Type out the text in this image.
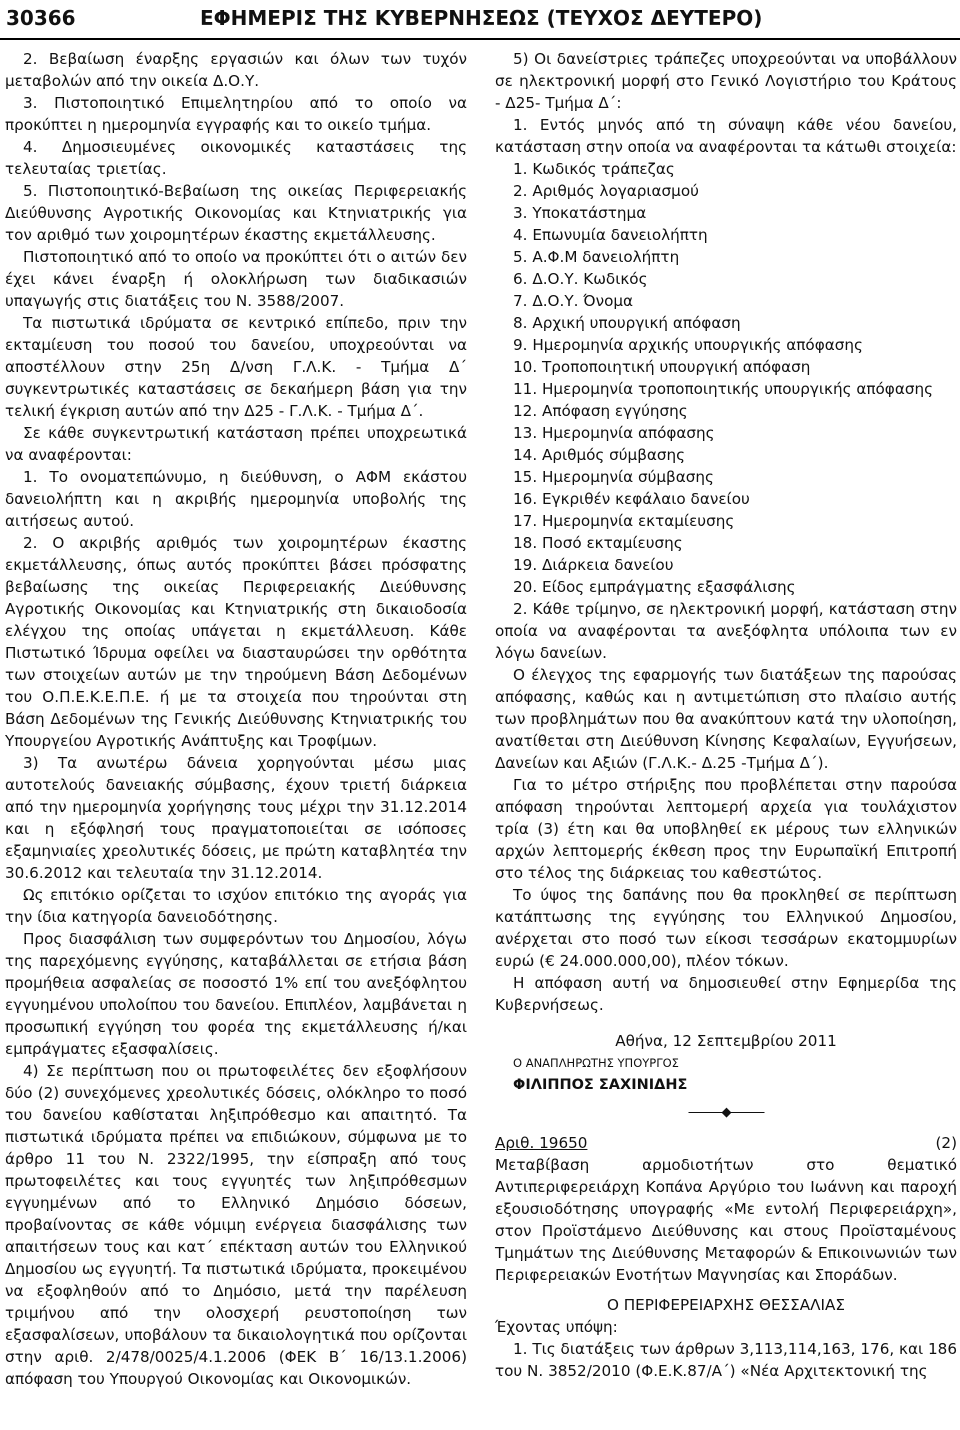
30366	ΕΦΗΜΕΡΙΣ ΤΗΣ ΚΥΒΕΡΝΗΣΕΩΣ (ΤΕΥΧΟΣ ΔΕΥΤΕΡΟ)

2. Βεβαίωση έναρξης εργασιών και όλων των τυχόν μεταβολών από την οικεία Δ.Ο.Υ.

3. Πιστοποιητικό Επιμελητηρίου από το οποίο να προκύπτει η ημερομηνία εγγραφής και το οικείο τμήμα.

4. Δημοσιευμένες οικονομικές καταστάσεις της τελευταίας τριετίας.

5. Πιστοποιητικό-Βεβαίωση της οικείας Περιφερειακής Διεύθυνσης Αγροτικής Οικονομίας και Κτηνιατρικής για τον αριθμό των χοιρομητέρων έκαστης εκμετάλλευσης.

Πιστοποιητικό από το οποίο να προκύπτει ότι ο αιτών δεν έχει κάνει έναρξη ή ολοκλήρωση των διαδικασιών υπαγωγής στις διατάξεις του Ν. 3588/2007.

Τα πιστωτικά ιδρύματα σε κεντρικό επίπεδο, πριν την εκταμίευση του ποσού του δανείου, υποχρεούνται να αποστέλλουν στην 25η Δ/νση Γ.Λ.Κ. - Τμήμα Δ΄ συγκεντρωτικές καταστάσεις σε δεκαήμερη βάση για την τελική έγκριση αυτών από την Δ25 - Γ.Λ.Κ. - Τμήμα Δ΄.

Σε κάθε συγκεντρωτική κατάσταση πρέπει υποχρεωτικά να αναφέρονται:

1. Το ονοματεπώνυμο, η διεύθυνση, ο ΑΦΜ εκάστου δανειολήπτη και η ακριβής ημερομηνία υποβολής της αιτήσεως αυτού.

2. Ο ακριβής αριθμός των χοιρομητέρων έκαστης εκμετάλλευσης, όπως αυτός προκύπτει βάσει πρόσφατης βεβαίωσης της οικείας Περιφερειακής Διεύθυνσης Αγροτικής Οικονομίας και Κτηνιατρικής στη δικαιοδοσία ελέγχου της οποίας υπάγεται η εκμετάλλευση. Κάθε Πιστωτικό Ίδρυμα οφείλει να διασταυρώσει την ορθότητα των στοιχείων αυτών με την τηρούμενη Βάση Δεδομένων του Ο.Π.Ε.Κ.Ε.Π.Ε. ή με τα στοιχεία που τηρούνται στη Βάση Δεδομένων της Γενικής Διεύθυνσης Κτηνιατρικής του Υπουργείου Αγροτικής Ανάπτυξης και Τροφίμων.

3) Τα ανωτέρω δάνεια χορηγούνται μέσω μιας αυτοτελούς δανειακής σύμβασης, έχουν τριετή διάρκεια από την ημερομηνία χορήγησης τους μέχρι την 31.12.2014 και η εξόφλησή τους πραγματοποιείται σε ισόποσες εξαμηνιαίες χρεολυτικές δόσεις, με πρώτη καταβλητέα την 30.6.2012 και τελευταία την 31.12.2014.

Ως επιτόκιο ορίζεται το ισχύον επιτόκιο της αγοράς για την ίδια κατηγορία δανειοδότησης.

Προς διασφάλιση των συμφερόντων του Δημοσίου, λόγω της παρεχόμενης εγγύησης, καταβάλλεται σε ετήσια βάση προμήθεια ασφαλείας σε ποσοστό 1% επί του ανεξόφλητου εγγυημένου υπολοίπου του δανείου. Επιπλέον, λαμβάνεται η προσωπική εγγύηση του φορέα της εκμετάλλευσης ή/και εμπράγματες εξασφαλίσεις.

4) Σε περίπτωση που οι πρωτοφειλέτες δεν εξοφλήσουν δύο (2) συνεχόμενες χρεολυτικές δόσεις, ολόκληρο το ποσό του δανείου καθίσταται ληξιπρόθεσμο και απαιτητό. Τα πιστωτικά ιδρύματα πρέπει να επιδιώκουν, σύμφωνα με το άρθρο 11 του Ν. 2322/1995, την είσπραξη από τους πρωτοφειλέτες και τους εγγυητές των ληξιπρόθεσμων εγγυημένων από το Ελληνικό Δημόσιο δόσεων, προβαίνοντας σε κάθε νόμιμη ενέργεια διασφάλισης των απαιτήσεων τους και κατ΄ επέκταση αυτών του Ελληνικού Δημοσίου ως εγγυητή. Τα πιστωτικά ιδρύματα, προκειμένου να εξοφληθούν από το Δημόσιο, μετά την παρέλευση τριμήνου από την ολοσχερή ρευστοποίηση των εξασφαλίσεων, υποβάλουν τα δικαιολογητικά που ορίζονται στην αριθ. 2/478/0025/4.1.2006 (ΦΕΚ Β΄ 16/13.1.2006) απόφαση του Υπουργού Οικονομίας και Οικονομικών.

5) Οι δανείστριες τράπεζες υποχρεούνται να υποβάλλουν σε ηλεκτρονική μορφή στο Γενικό Λογιστήριο του Κράτους - Δ25- Τμήμα Δ΄:

1. Εντός μηνός από τη σύναψη κάθε νέου δανείου, κατάσταση στην οποία να αναφέρονται τα κάτωθι στοιχεία:

1. Κωδικός τράπεζας

2. Αριθμός λογαριασμού

3. Υποκατάστημα

4. Επωνυμία δανειολήπτη

5. Α.Φ.Μ δανειολήπτη

6. Δ.Ο.Υ. Κωδικός

7. Δ.Ο.Υ. Όνομα

8. Αρχική υπουργική απόφαση

9. Ημερομηνία αρχικής υπουργικής απόφασης

10. Τροποποιητική υπουργική απόφαση

11. Ημερομηνία τροποποιητικής υπουργικής απόφασης

12. Απόφαση εγγύησης

13. Ημερομηνία απόφασης

14. Αριθμός σύμβασης

15. Ημερομηνία σύμβασης

16. Εγκριθέν κεφάλαιο δανείου

17. Ημερομηνία εκταμίευσης

18. Ποσό εκταμίευσης

19. Διάρκεια δανείου

20. Είδος εμπράγματης εξασφάλισης

2. Κάθε τρίμηνο, σε ηλεκτρονική μορφή, κατάσταση στην οποία να αναφέρονται τα ανεξόφλητα υπόλοιπα των εν λόγω δανείων.

Ο έλεγχος της εφαρμογής των διατάξεων της παρούσας απόφασης, καθώς και η αντιμετώπιση στο πλαίσιο αυτής των προβλημάτων που θα ανακύπτουν κατά την υλοποίηση, ανατίθεται στη Διεύθυνση Κίνησης Κεφαλαίων, Εγγυήσεων, Δανείων και Αξιών (Γ.Λ.Κ.- Δ.25 -Τμήμα Δ΄).

Για το μέτρο στήριξης που προβλέπεται στην παρούσα απόφαση τηρούνται λεπτομερή αρχεία για τουλάχιστον τρία (3) έτη και θα υποβληθεί εκ μέρους των ελληνικών αρχών λεπτομερής έκθεση προς την Ευρωπαϊκή Επιτροπή στο τέλος της διάρκειας του καθεστώτος.

Το ύψος της δαπάνης που θα προκληθεί σε περίπτωση κατάπτωσης της εγγύησης του Ελληνικού Δημοσίου, ανέρχεται στο ποσό των είκοσι τεσσάρων εκατομμυρίων ευρώ (€ 24.000.000,00), πλέον τόκων.

Η απόφαση αυτή να δημοσιευθεί στην Εφημερίδα της Κυβερνήσεως.

Αθήνα, 12 Σεπτεμβρίου 2011

Ο ΑΝΑΠΛΗΡΩΤΗΣ ΥΠΟΥΡΓΟΣ

ΦΙΛΙΠΠΟΣ ΣΑΧΙΝΙΔΗΣ

⎯⎯⎯⎯⎯⎯◆⎯⎯⎯⎯⎯⎯
Αριθ. 19650	(2)

Μεταβίβαση αρμοδιοτήτων στο θεματικό Αντιπεριφερειάρχη Κοπάνα Αργύριο του Ιωάννη και παροχή εξουσιοδότησης υπογραφής «Με εντολή Περιφερειάρχη», στον Προϊστάμενο Διεύθυνσης και στους Προϊσταμένους Τμημάτων της Διεύθυνσης Μεταφορών & Επικοινωνιών των Περιφερειακών Ενοτήτων Μαγνησίας και Σποράδων.

Ο ΠΕΡΙΦΕΡΕΙΑΡΧΗΣ ΘΕΣΣΑΛΙΑΣ

Έχοντας υπόψη:

1. Τις διατάξεις των άρθρων 3,113,114,163, 176, και 186 του Ν. 3852/2010 (Φ.Ε.Κ.87/Α΄) «Νέα Αρχιτεκτονική της
